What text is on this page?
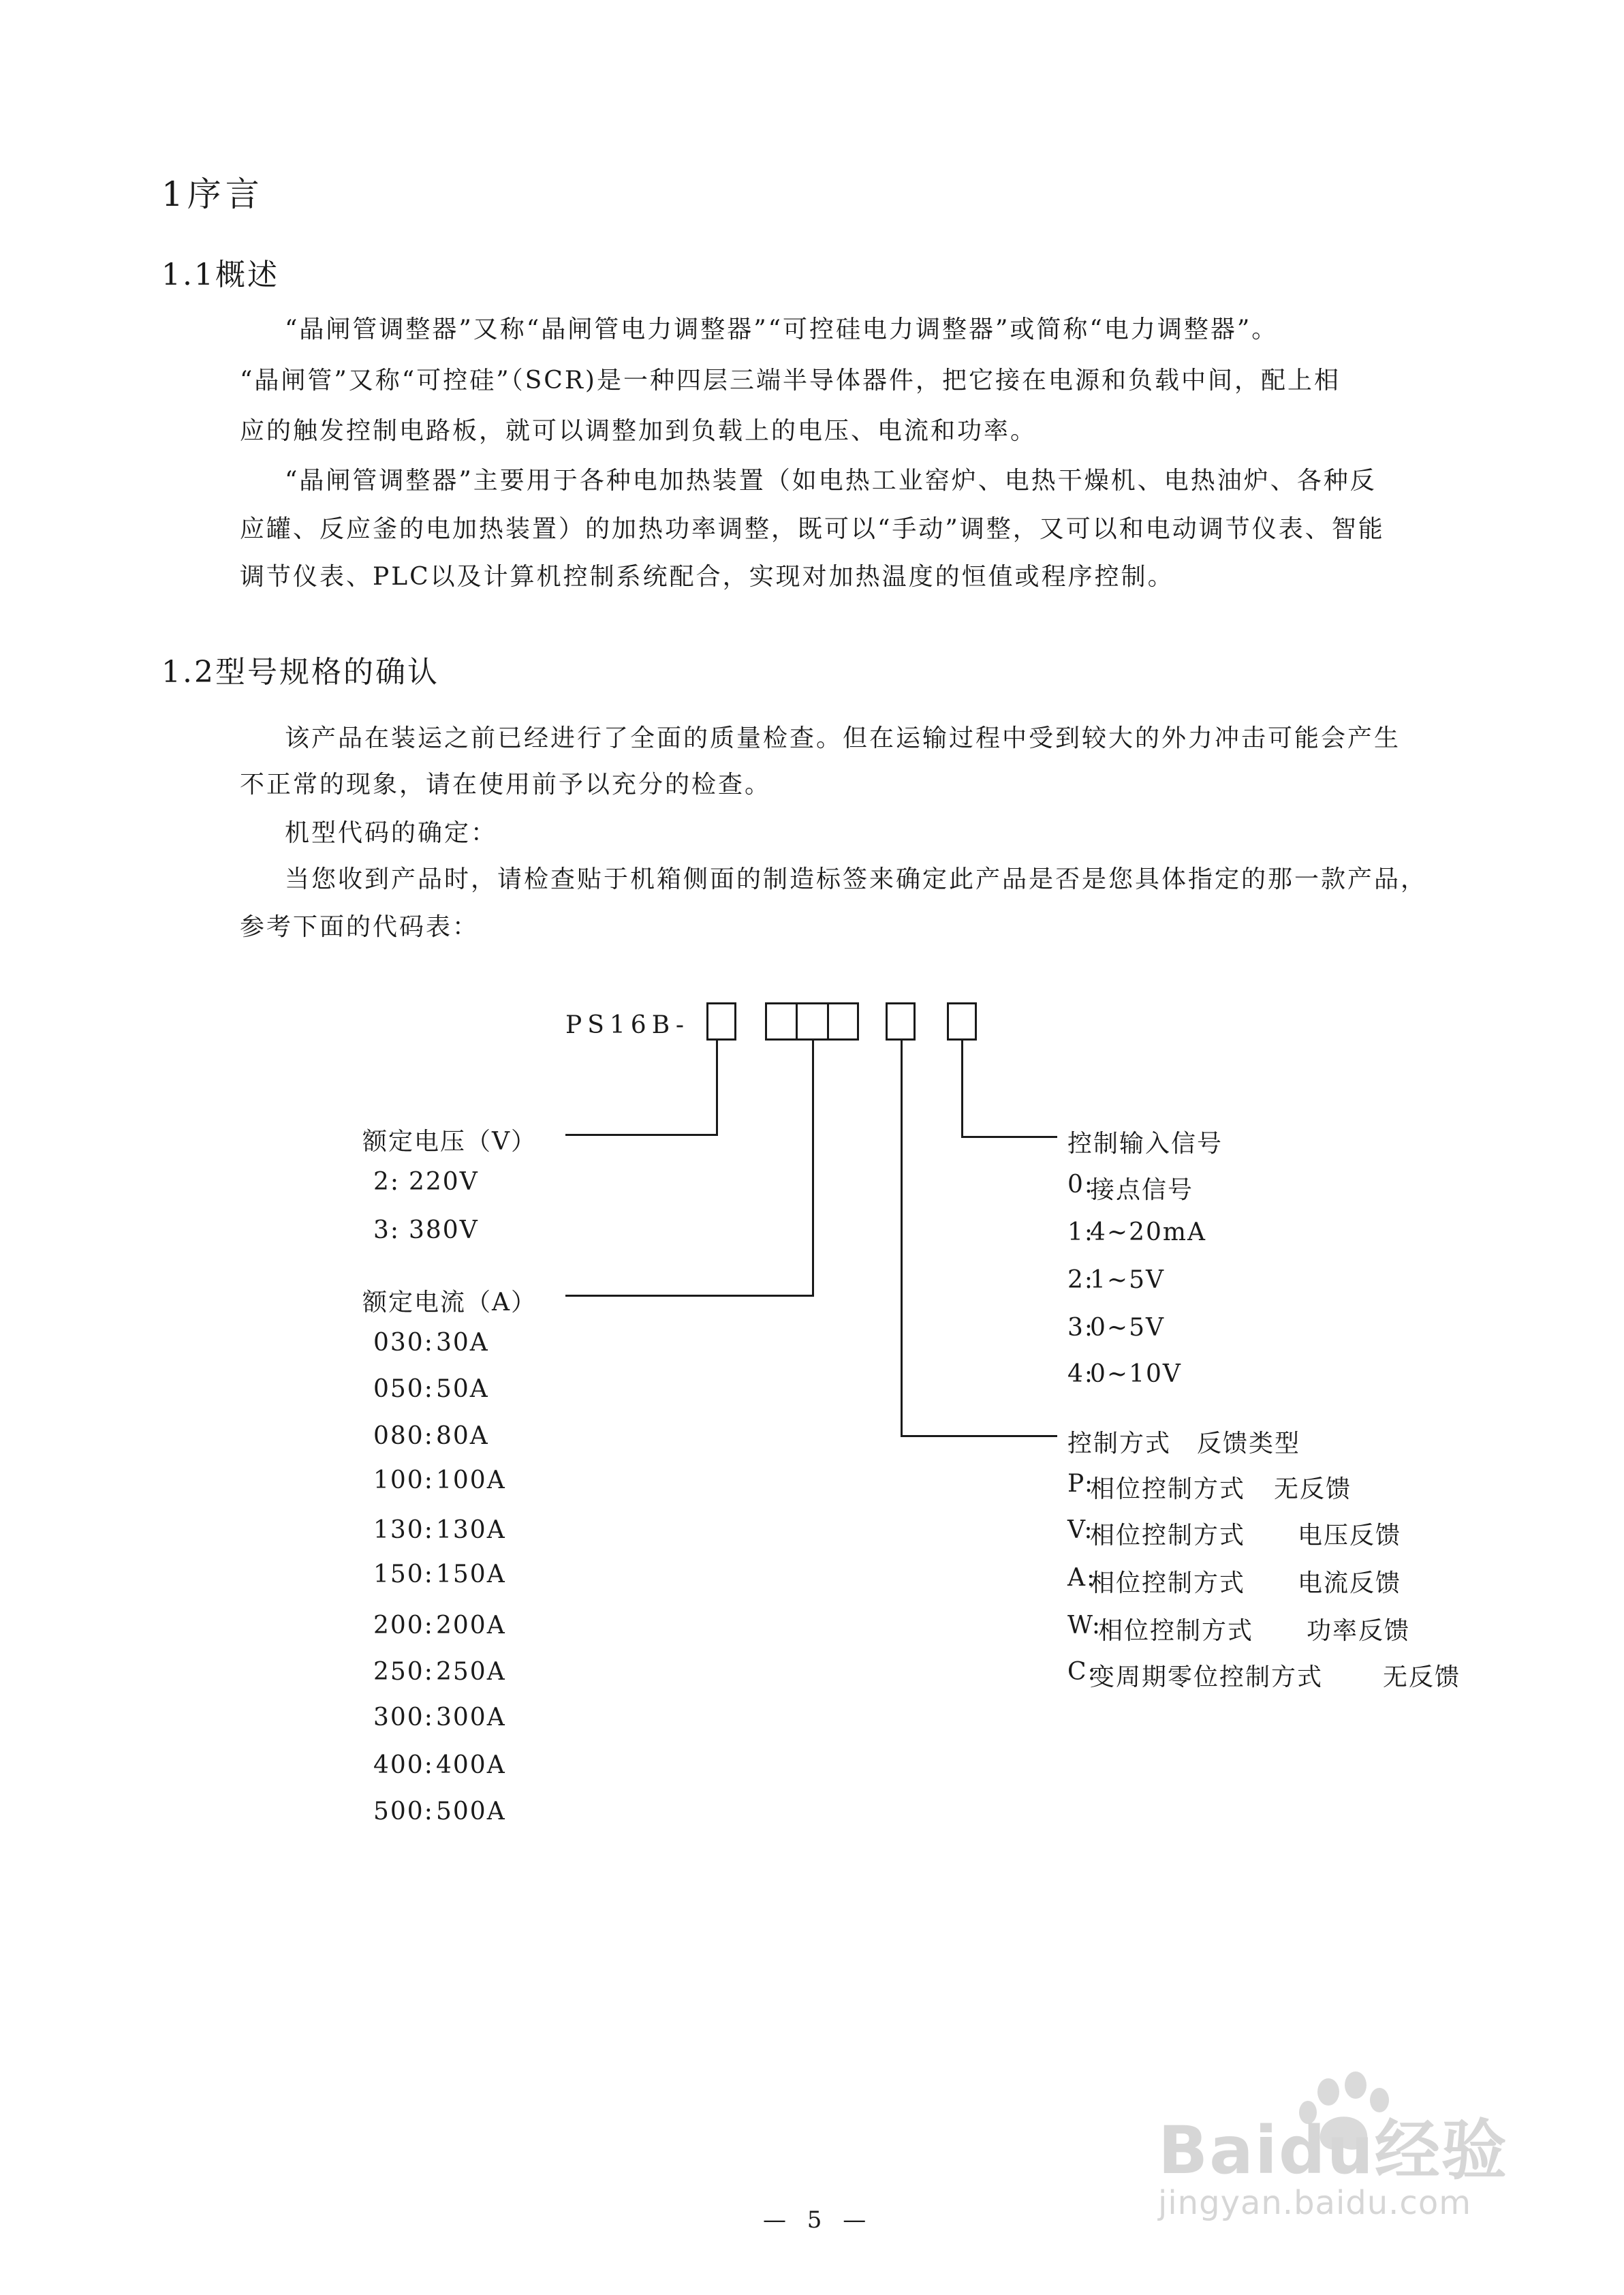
1序言
1.1概述
“晶闸管调整器”又称“晶闸管电力调整器”“可控硅电力调整器”或简称“电力调整器”。
“晶闸管”又称“可控硅”（SCR)是一种四层三端半导体器件，把它接在电源和负载中间，配上相
应的触发控制电路板，就可以调整加到负载上的电压、电流和功率。
“晶闸管调整器”主要用于各种电加热装置（如电热工业窑炉、电热干燥机、电热油炉、各种反
应罐、反应釜的电加热装置）的加热功率调整，既可以“手动”调整，又可以和电动调节仪表、智能
调节仪表、PLC以及计算机控制系统配合，实现对加热温度的恒值或程序控制。
1.2型号规格的确认
该产品在装运之前已经进行了全面的质量检查。但在运输过程中受到较大的外力冲击可能会产生
不正常的现象，请在使用前予以充分的检查。
机型代码的确定：
当您收到产品时，请检查贴于机箱侧面的制造标签来确定此产品是否是您具体指定的那一款产品，
参考下面的代码表：
PS16B-
额定电压（V）
2: 220V
3: 380V
额定电流（A）
030: 30A
050: 50A
080: 80A
100: 100A
130: 130A
150: 150A
200: 200A
250: 250A
300: 300A
400: 400A
500: 500A
控制输入信号
0:
接点信号
1:
4~20mA
2:
1~5V
3:
0~5V
4:
0~10V
控制方式　反馈类型
P:
相位控制方式 无反馈
V:
相位控制方式 电压反馈
A:
相位控制方式 电流反馈
W:
相位控制方式 功率反馈
C:
变周期零位控制方式 无反馈
— 5 —
Baidu经验
jingyan.baidu.com
